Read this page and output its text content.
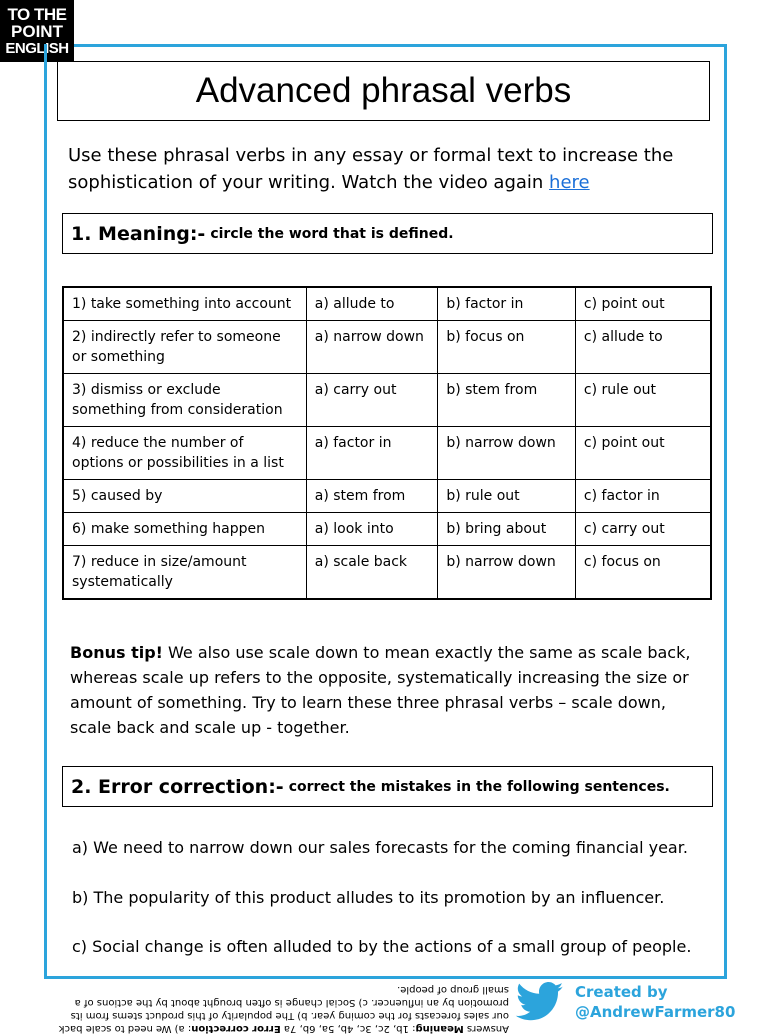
TO THE
POINT
ENGLISH
Advanced phrasal verbs

Use these phrasal verbs in any essay or formal text to increase the sophistication of your writing. Watch the video again here

1. Meaning:- circle the word that is defined.
1) take something into account	a) allude to	b) factor in	c) point out
2) indirectly refer to someone or something	a) narrow down	b) focus on	c) allude to
3) dismiss or exclude something from consideration	a) carry out	b) stem from	c) rule out
4) reduce the number of options or possibilities in a list	a) factor in	b) narrow down	c) point out
5) caused by	a) stem from	b) rule out	c) factor in
6) make something happen	a) look into	b) bring about	c) carry out
7) reduce in size/amount systematically	a) scale back	b) narrow down	c) focus on

Bonus tip! We also use scale down to mean exactly the same as scale back, whereas scale up refers to the opposite, systematically increasing the size or amount of something. Try to learn these three phrasal verbs – scale down, scale back and scale up - together.

2. Error correction:- correct the mistakes in the following sentences.

a) We need to narrow down our sales forecasts for the coming financial year.

b) The popularity of this product alludes to its promotion by an influencer.

c) Social change is often alluded to by the actions of a small group of people.

Answers Meaning: 1b, 2c, 3c, 4b, 5a, 6b, 7a Error correction: a) We need to scale back our sales forecasts for the coming year. b) The popularity of this product stems from its promotion by an influencer. c) Social change is often brought about by the actions of a small group of people.	Created by
@AndrewFarmer80
